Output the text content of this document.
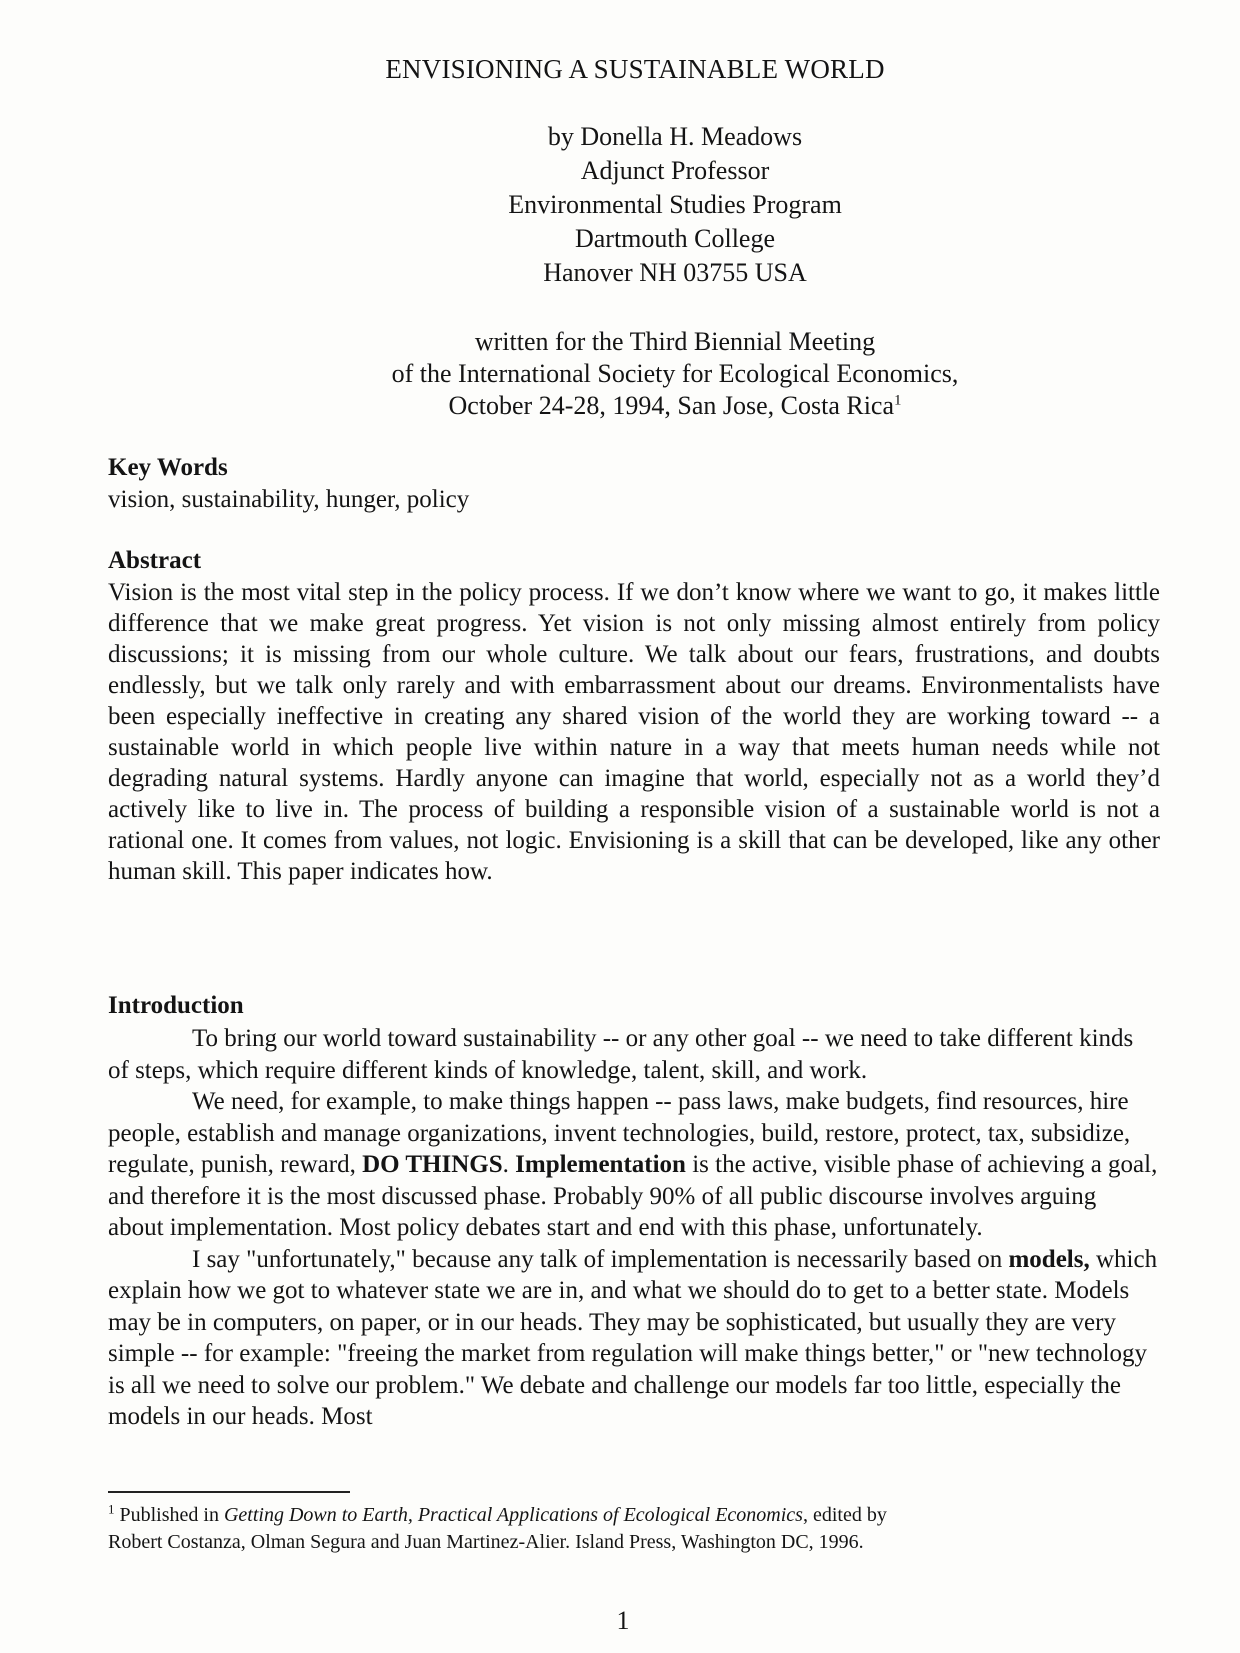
ENVISIONING A SUSTAINABLE WORLD
by Donella H. Meadows
Adjunct Professor
Environmental Studies Program
Dartmouth College
Hanover NH 03755 USA
written for the Third Biennial Meeting
of the International Society for Ecological Economics,
October 24-28, 1994, San Jose, Costa Rica$^1$
Key Words
vision, sustainability, hunger, policy
Abstract
Vision is the most vital step in the policy process. If we don’t know where we want to go, it makes little difference that we make great progress. Yet vision is not only missing almost entirely from policy discussions; it is missing from our whole culture. We talk about our fears, frustrations, and doubts endlessly, but we talk only rarely and with embarrassment about our dreams. Environmentalists have been especially ineffective in creating any shared vision of the world they are working toward -- a sustainable world in which people live within nature in a way that meets human needs while not degrading natural systems. Hardly anyone can imagine that world, especially not as a world they’d actively like to live in. The process of building a responsible vision of a sustainable world is not a rational one. It comes from values, not logic. Envisioning is a skill that can be developed, like any other human skill. This paper indicates how.
Introduction

To bring our world toward sustainability -- or any other goal -- we need to take different kinds of steps, which require different kinds of knowledge, talent, skill, and work.

We need, for example, to make things happen -- pass laws, make budgets, find resources, hire people, establish and manage organizations, invent technologies, build, restore, protect, tax, subsidize, regulate, punish, reward, DO THINGS. Implementation is the active, visible phase of achieving a goal, and therefore it is the most discussed phase. Probably 90% of all public discourse involves arguing about implementation. Most policy debates start and end with this phase, unfortunately.

I say "unfortunately," because any talk of implementation is necessarily based on models, which explain how we got to whatever state we are in, and what we should do to get to a better state. Models may be in computers, on paper, or in our heads. They may be sophisticated, but usually they are very simple -- for example: "freeing the market from regulation will make things better," or "new technology is all we need to solve our problem." We debate and challenge our models far too little, especially the models in our heads. Most

$^1$ Published in Getting Down to Earth, Practical Applications of Ecological Economics, edited by
Robert Costanza, Olman Segura and Juan Martinez-Alier. Island Press, Washington DC, 1996.
1
